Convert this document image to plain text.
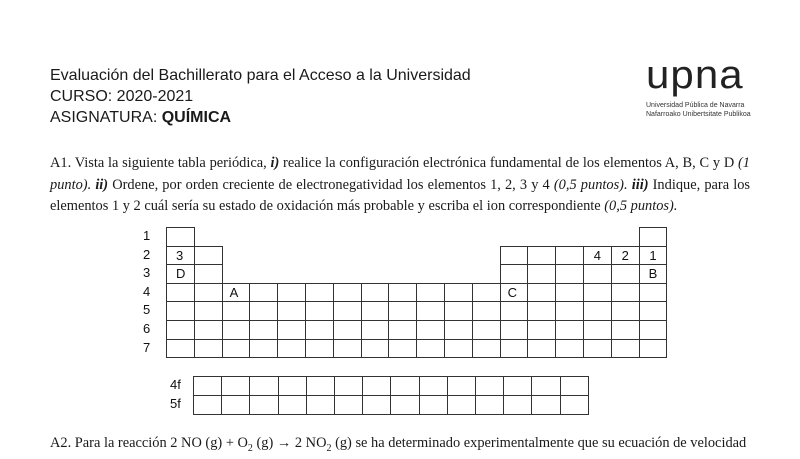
Evaluación del Bachillerato para el Acceso a la Universidad
CURSO: 2020-2021
ASIGNATURA: QUÍMICA
upna
Universidad Pública de Navarra
Nafarroako Unibertsitate Publikoa
A1. Vista la siguiente tabla periódica, i) realice la configuración electrónica fundamental de los elementos A, B, C y D (1 punto). ii) Ordene, por orden creciente de electronegatividad los elementos 1, 2, 3 y 4 (0,5 puntos). iii) Indique, para los elementos 1 y 2 cuál sería su estado de oxidación más probable y escriba el ion correspondiente (0,5 puntos).
3	4	2	1
D	B
A	C
1
2
3
4
5
6
7
4f
5f
A2. Para la reacción 2 NO $(g) + O_2$ (g) → 2 $NO_2$ (g) se ha determinado experimentalmente que su ecuación de velocidad
